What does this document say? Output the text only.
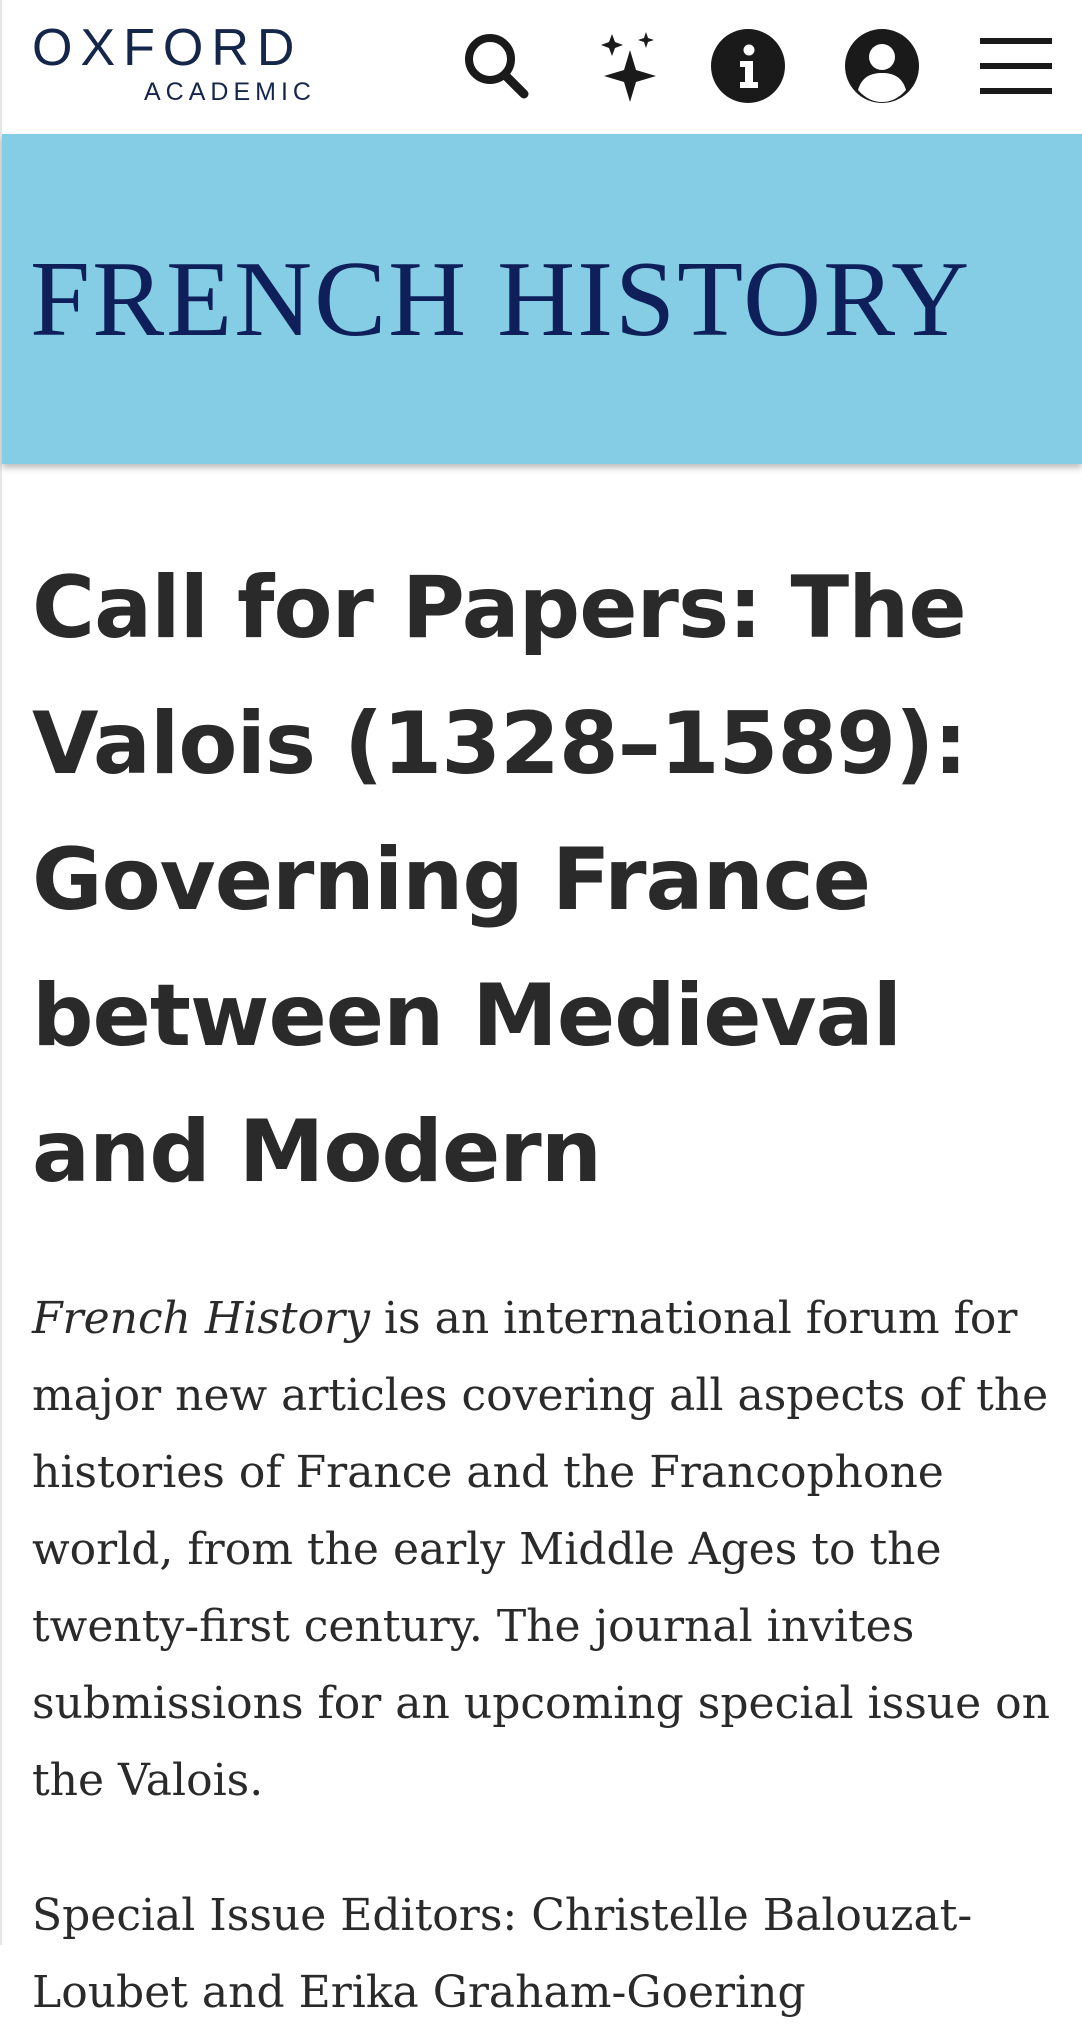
OXFORD
ACADEMIC
FRENCH HISTORY
Call for Papers: The Valois (1328–1589): Governing France between Medieval and Modern

French History is an international forum for major new articles covering all aspects of the histories of France and the Francophone world, from the early Middle Ages to the twenty-first century. The journal invites submissions for an upcoming special issue on the Valois.

Special Issue Editors: Christelle Balouzat-Loubet and Erika Graham-Goering
